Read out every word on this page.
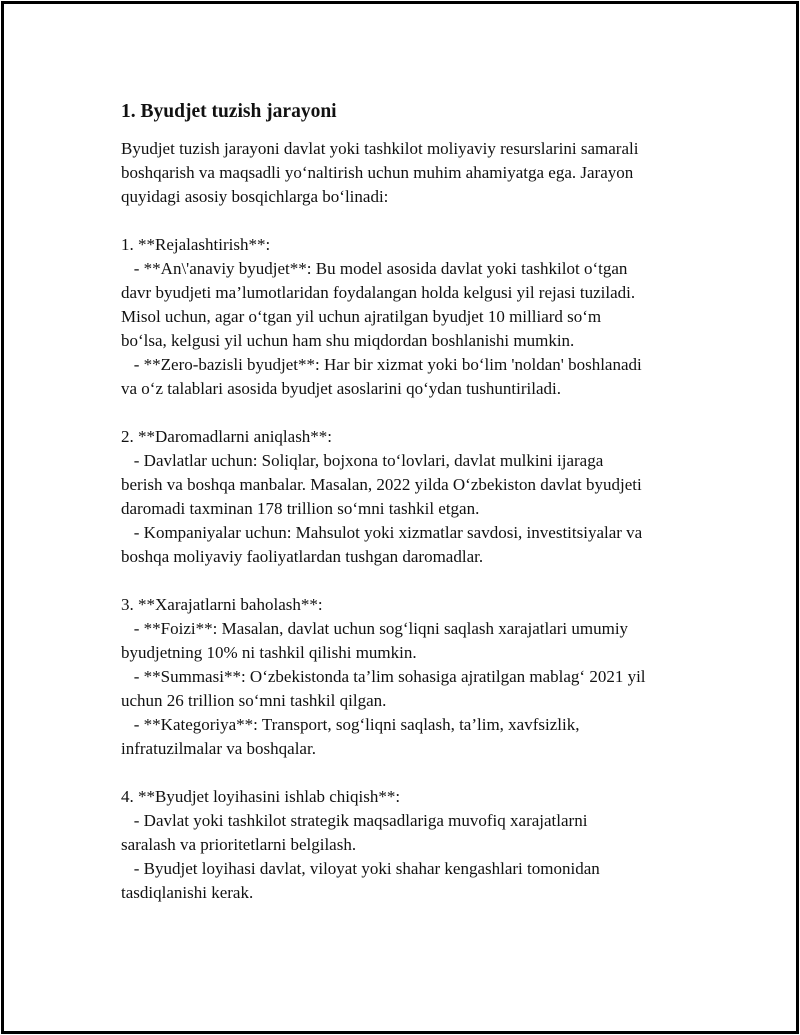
1. Byudjet tuzish jarayoni

Byudjet tuzish jarayoni davlat yoki tashkilot moliyaviy resurslarini samarali
boshqarish va maqsadli yo‘naltirish uchun muhim ahamiyatga ega. Jarayon
quyidagi asosiy bosqichlarga bo‘linadi:

1. **Rejalashtirish**:
- **An\'anaviy byudjet**: Bu model asosida davlat yoki tashkilot o‘tgan
davr byudjeti ma’lumotlaridan foydalangan holda kelgusi yil rejasi tuziladi.
Misol uchun, agar o‘tgan yil uchun ajratilgan byudjet 10 milliard so‘m
bo‘lsa, kelgusi yil uchun ham shu miqdordan boshlanishi mumkin.
- **Zero-bazisli byudjet**: Har bir xizmat yoki bo‘lim 'noldan' boshlanadi
va o‘z talablari asosida byudjet asoslarini qo‘ydan tushuntiriladi.

2. **Daromadlarni aniqlash**:
- Davlatlar uchun: Soliqlar, bojxona to‘lovlari, davlat mulkini ijaraga
berish va boshqa manbalar. Masalan, 2022 yilda O‘zbekiston davlat byudjeti
daromadi taxminan 178 trillion so‘mni tashkil etgan.
- Kompaniyalar uchun: Mahsulot yoki xizmatlar savdosi, investitsiyalar va
boshqa moliyaviy faoliyatlardan tushgan daromadlar.

3. **Xarajatlarni baholash**:
- **Foizi**: Masalan, davlat uchun sog‘liqni saqlash xarajatlari umumiy
byudjetning 10% ni tashkil qilishi mumkin.
- **Summasi**: O‘zbekistonda ta’lim sohasiga ajratilgan mablag‘ 2021 yil
uchun 26 trillion so‘mni tashkil qilgan.
- **Kategoriya**: Transport, sog‘liqni saqlash, ta’lim, xavfsizlik,
infratuzilmalar va boshqalar.

4. **Byudjet loyihasini ishlab chiqish**:
- Davlat yoki tashkilot strategik maqsadlariga muvofiq xarajatlarni
saralash va prioritetlarni belgilash.
- Byudjet loyihasi davlat, viloyat yoki shahar kengashlari tomonidan
tasdiqlanishi kerak.
